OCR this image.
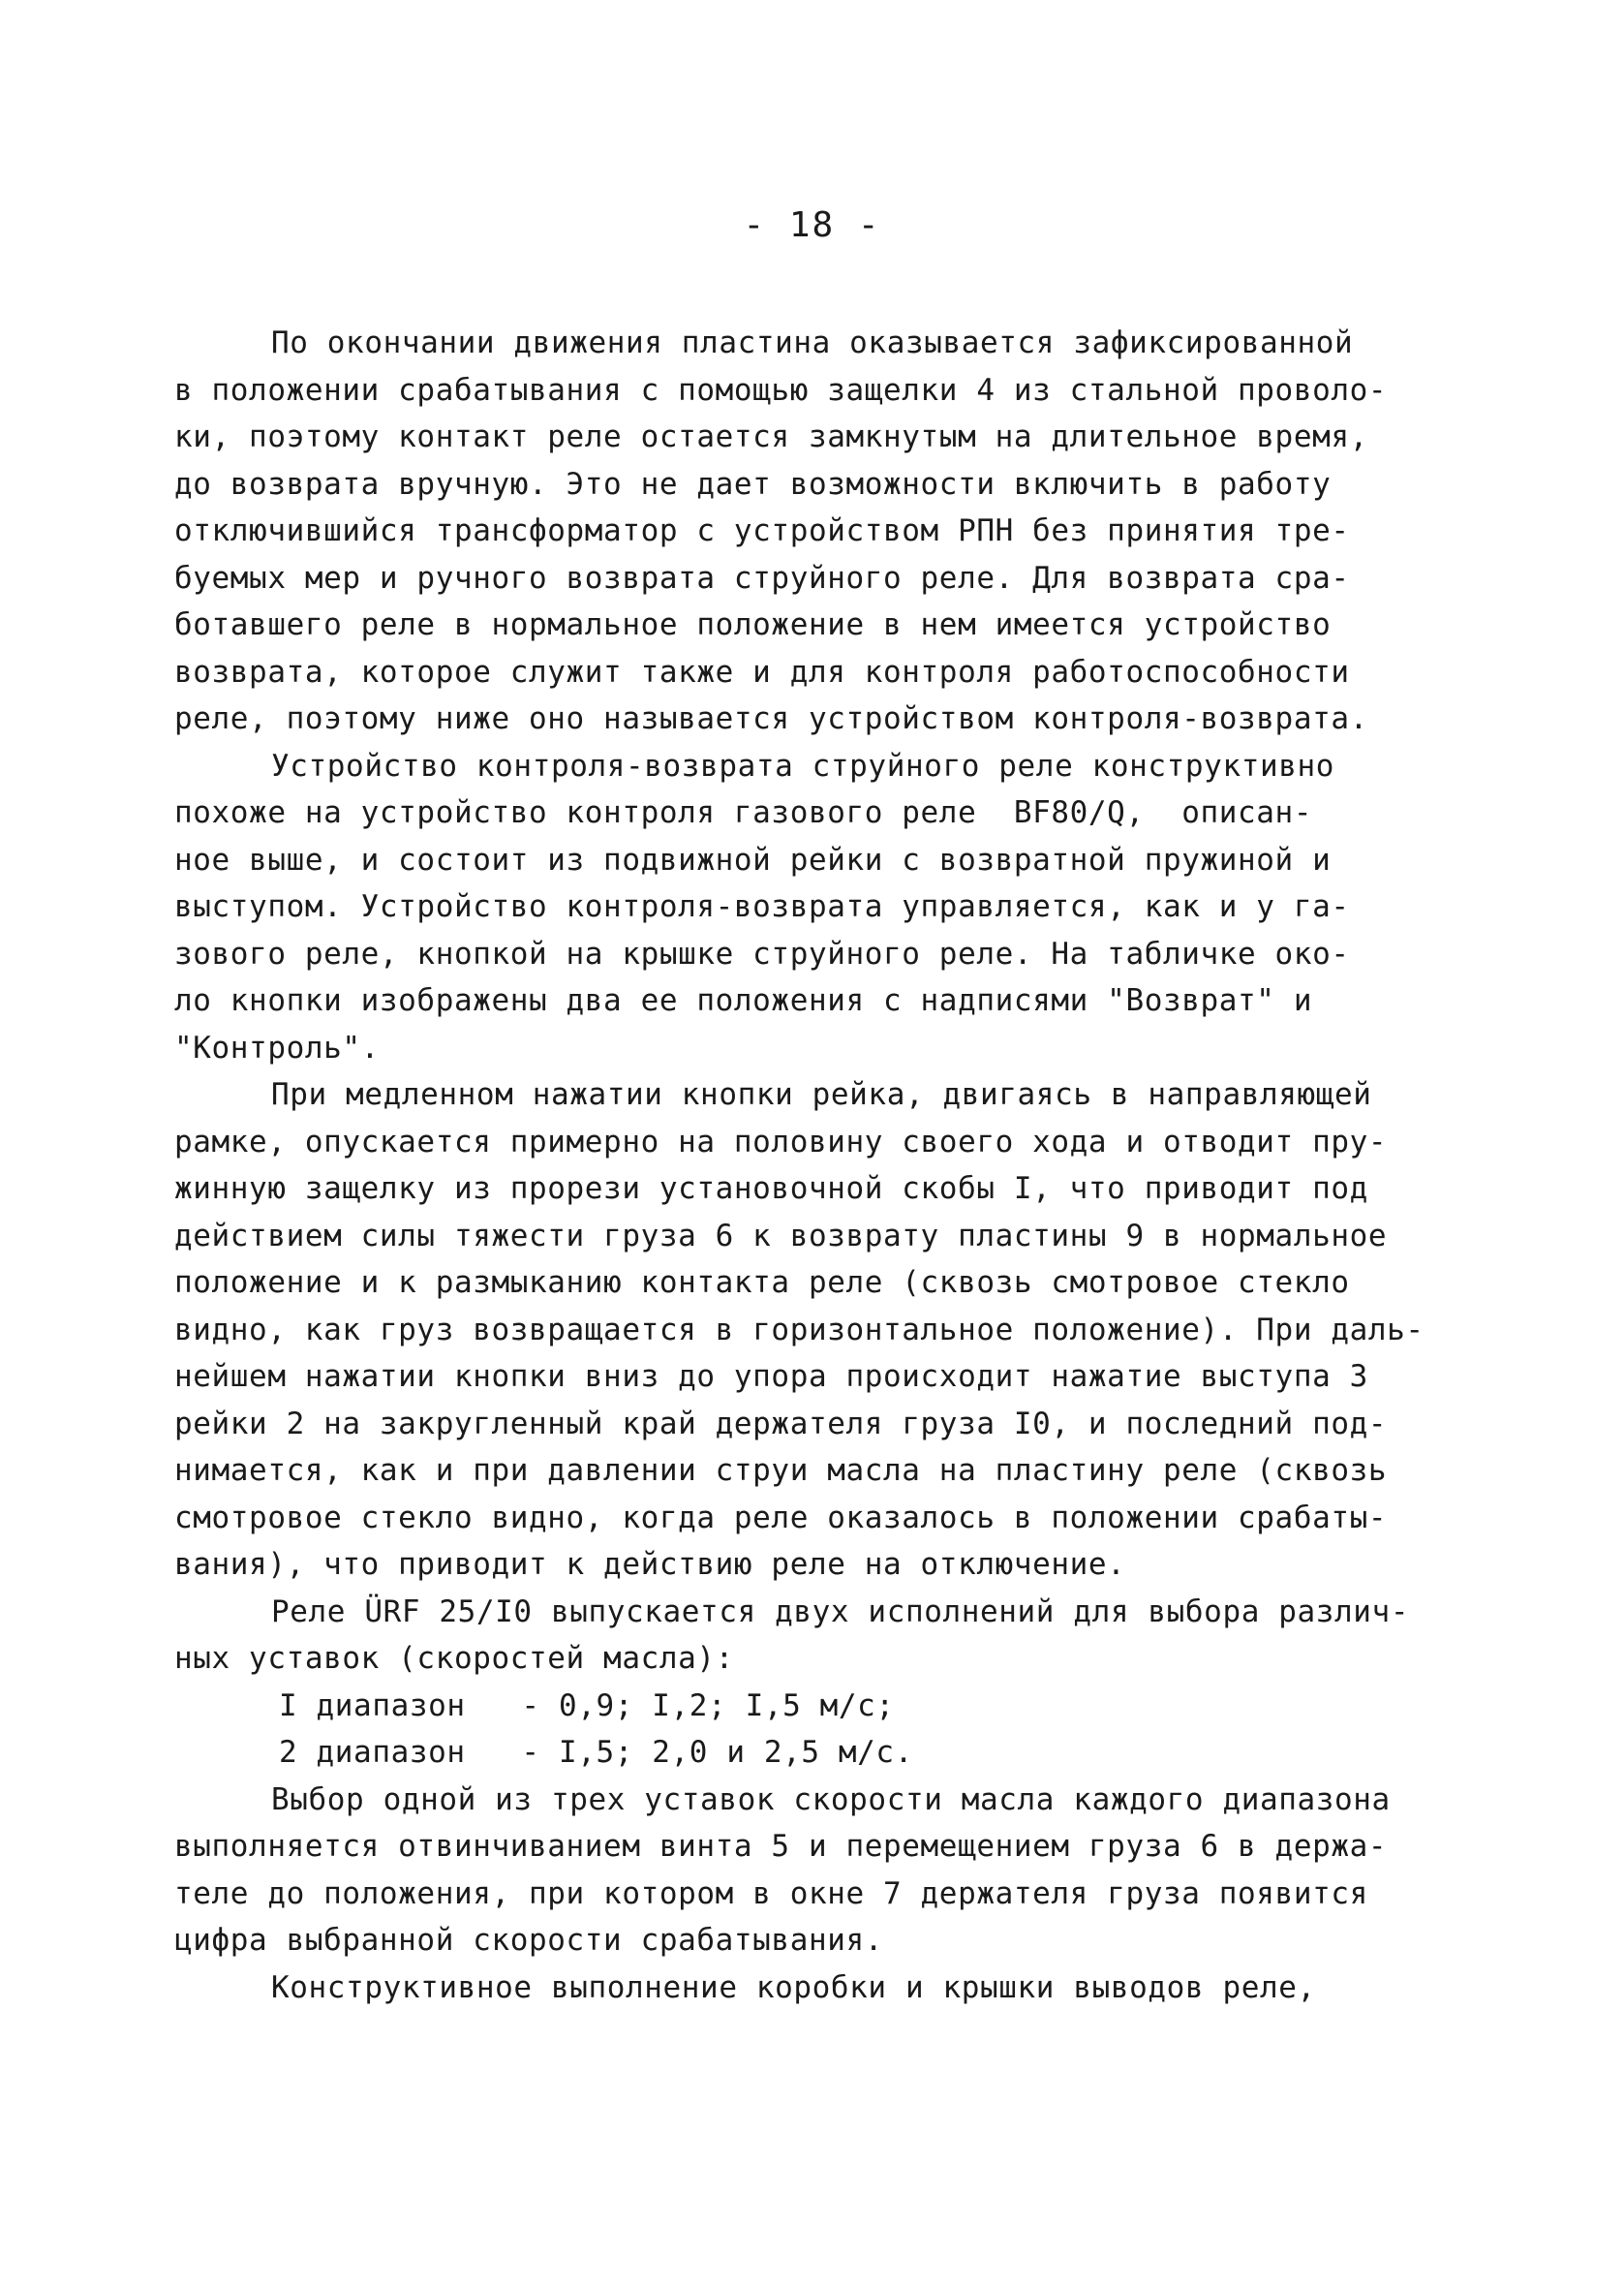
- 18 -
По окончании движения пластина оказывается зафиксированной
в положении срабатывания с помощью защелки 4 из стальной проволо-
ки, поэтому контакт реле остается замкнутым на длительное время,
до возврата вручную. Это не дает возможности включить в работу
отключившийся трансформатор с устройством РПН без принятия тре-
буемых мер и ручного возврата струйного реле. Для возврата сра-
ботавшего реле в нормальное положение в нем имеется устройство
возврата, которое служит также и для контроля работоспособности
реле, поэтому ниже оно называется устройством контроля-возврата.
Устройство контроля-возврата струйного реле конструктивно
похоже на устройство контроля газового реле  BF80/Q,  описан-
ное выше, и состоит из подвижной рейки с возвратной пружиной и
выступом. Устройство контроля-возврата управляется, как и у га-
зового реле, кнопкой на крышке струйного реле. На табличке око-
ло кнопки изображены два ее положения с надписями "Возврат" и
"Контроль".
При медленном нажатии кнопки рейка, двигаясь в направляющей
рамке, опускается примерно на половину своего хода и отводит пру-
жинную защелку из прорези установочной скобы I, что приводит под
действием силы тяжести груза 6 к возврату пластины 9 в нормальное
положение и к размыканию контакта реле (сквозь смотровое стекло
видно, как груз возвращается в горизонтальное положение). При даль-
нейшем нажатии кнопки вниз до упора происходит нажатие выступа 3
рейки 2 на закругленный край держателя груза I0, и последний под-
нимается, как и при давлении струи масла на пластину реле (сквозь
смотровое стекло видно, когда реле оказалось в положении срабаты-
вания), что приводит к действию реле на отключение.
Реле ÜRF 25/I0 выпускается двух исполнений для выбора различ-
ных уставок (скоростей масла):
I диапазон   - 0,9; I,2; I,5 м/с;
2 диапазон   - I,5; 2,0 и 2,5 м/с.
Выбор одной из трех уставок скорости масла каждого диапазона
выполняется отвинчиванием винта 5 и перемещением груза 6 в держа-
теле до положения, при котором в окне 7 держателя груза появится
цифра выбранной скорости срабатывания.
Конструктивное выполнение коробки и крышки выводов реле,
